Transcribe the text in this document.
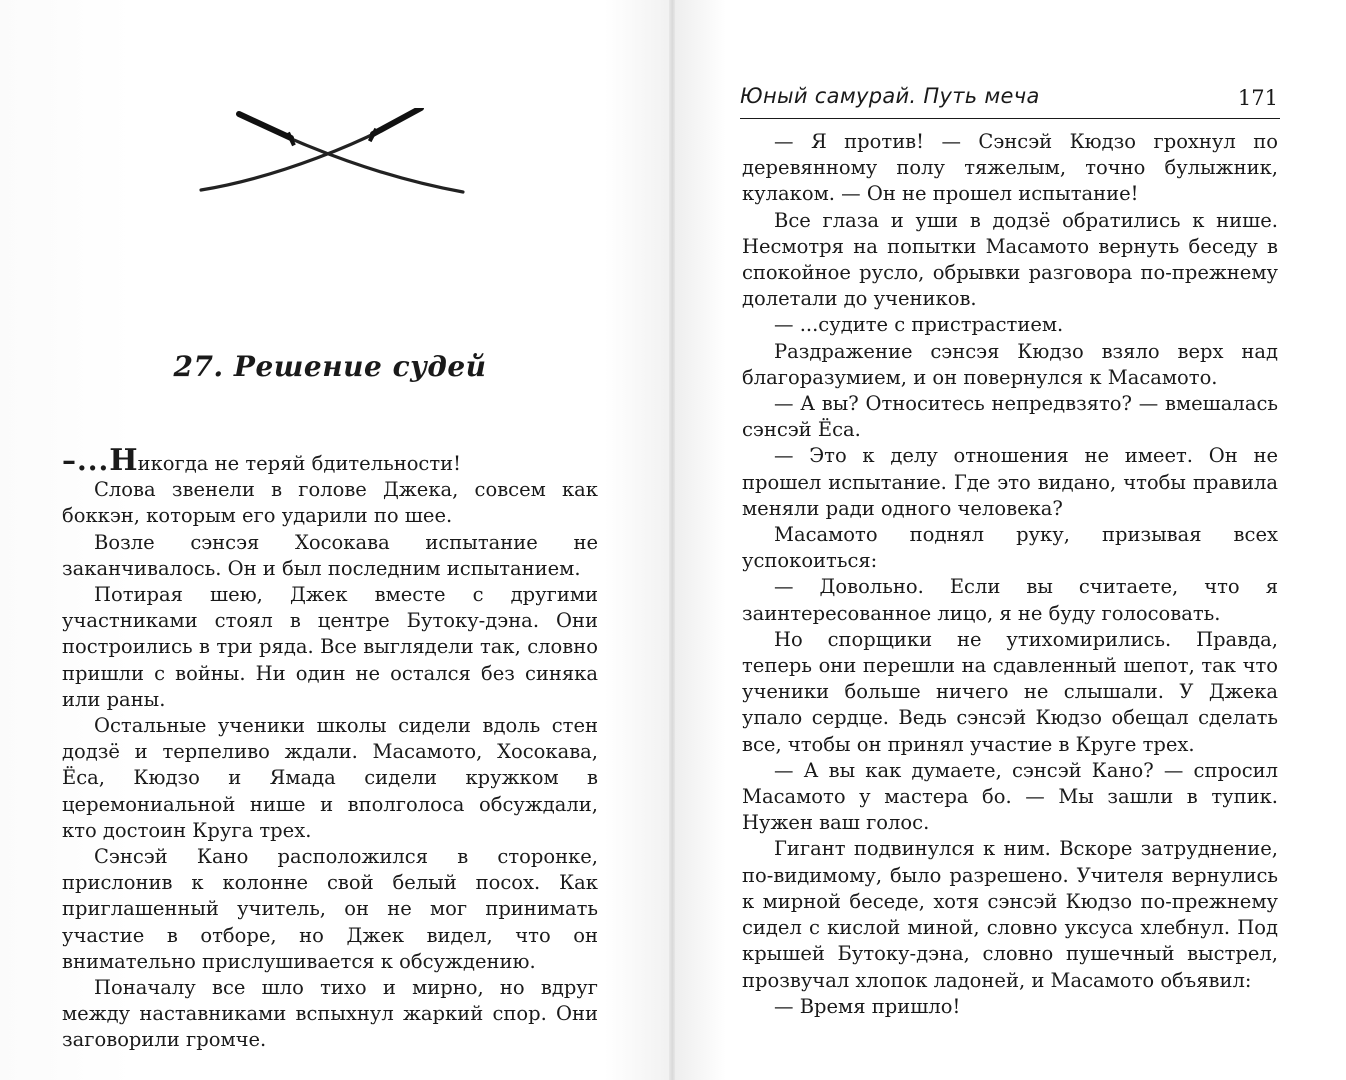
27. Решение судей

–...Никогда не теряй бдительности!

Слова звенели в голове Джека, совсем как боккэн, которым его ударили по шее.

Возле сэнсэя Хосокава испытание не заканчивалось. Он и был последним испытанием.

Потирая шею, Джек вместе с другими участниками стоял в центре Бутоку-дэна. Они построились в три ряда. Все выглядели так, словно пришли с войны. Ни один не остался без синяка или раны.

Остальные ученики школы сидели вдоль стен додзё и терпеливо ждали. Масамото, Хосокава, Ёса, Кюдзо и Ямада сидели кружком в церемониальной нише и вполголоса обсуждали, кто достоин Круга трех.

Сэнсэй Кано расположился в сторонке, прислонив к колонне свой белый посох. Как приглашенный учитель, он не мог принимать участие в отборе, но Джек видел, что он внимательно прислушивается к обсуждению.

Поначалу все шло тихо и мирно, но вдруг между наставниками вспыхнул жаркий спор. Они заговорили громче.

Юный самурай. Путь меча	171

— Я против! — Сэнсэй Кюдзо грохнул по деревянному полу тяжелым, точно булыжник, кулаком. — Он не прошел испытание!

Все глаза и уши в додзё обратились к нише. Несмотря на попытки Масамото вернуть беседу в спокойное русло, обрывки разговора по-прежнему долетали до учеников.

— ...судите с пристрастием.

Раздражение сэнсэя Кюдзо взяло верх над благоразумием, и он повернулся к Масамото.

— А вы? Относитесь непредвзято? — вмешалась сэнсэй Ёса.

— Это к делу отношения не имеет. Он не прошел испытание. Где это видано, чтобы правила меняли ради одного человека?

Масамото поднял руку, призывая всех успокоиться:

— Довольно. Если вы считаете, что я заинтересованное лицо, я не буду голосовать.

Но спорщики не утихомирились. Правда, теперь они перешли на сдавленный шепот, так что ученики больше ничего не слышали. У Джека упало сердце. Ведь сэнсэй Кюдзо обещал сделать все, чтобы он принял участие в Круге трех.

— А вы как думаете, сэнсэй Кано? — спросил Масамото у мастера бо. — Мы зашли в тупик. Нужен ваш голос.

Гигант подвинулся к ним. Вскоре затруднение, по-видимому, было разрешено. Учителя вернулись к мирной беседе, хотя сэнсэй Кюдзо по-прежнему сидел с кислой миной, словно уксуса хлебнул. Под крышей Бутоку-дэна, словно пушечный выстрел, прозвучал хлопок ладоней, и Масамото объявил:

— Время пришло!
